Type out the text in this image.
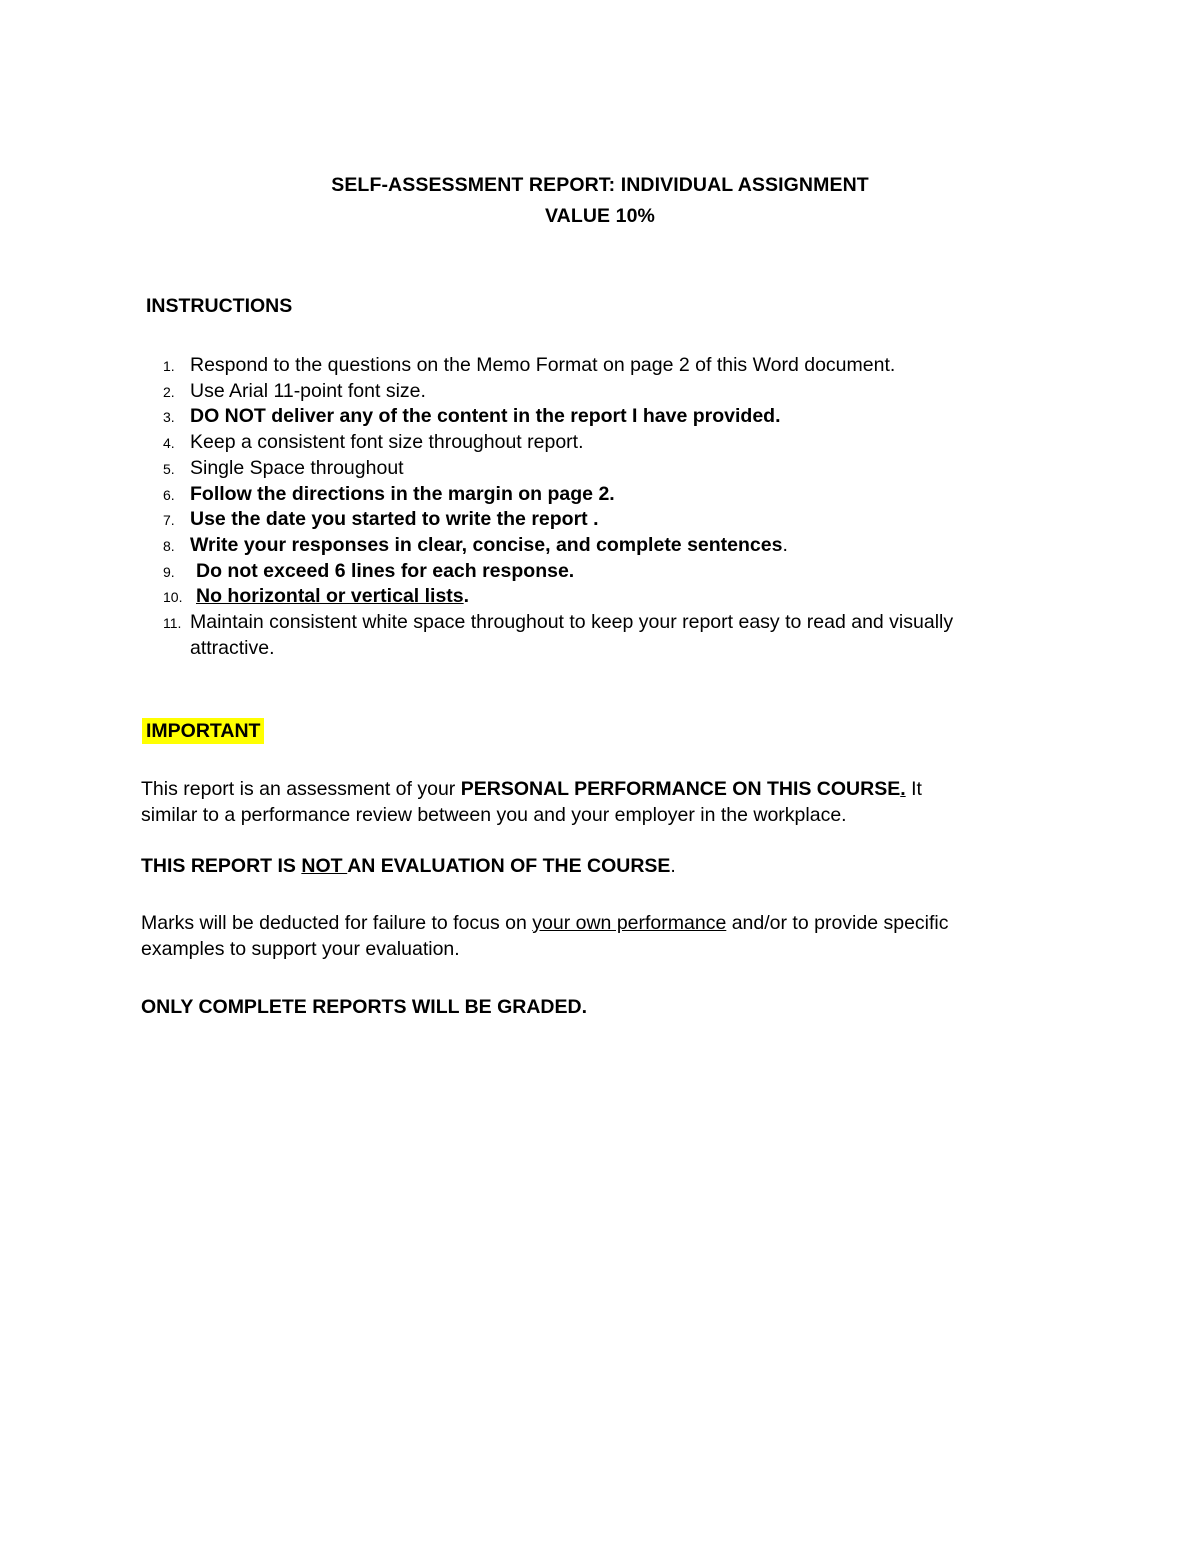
SELF-ASSESSMENT REPORT: INDIVIDUAL ASSIGNMENT
VALUE 10%
INSTRUCTIONS
1. Respond to the questions on the Memo Format on page 2 of this Word document.
2. Use Arial 11-point font size.
3. DO NOT deliver any of the content in the report I have provided.
4. Keep a consistent font size throughout report.
5. Single Space throughout
6. Follow the directions in the margin on page 2.
7. Use the date you started to write the report .
8. Write your responses in clear, concise, and complete sentences.
9.	Do not exceed 6 lines for each response.
10. No horizontal or vertical lists.
11. Maintain consistent white space throughout to keep your report easy to read and visually
attractive.
IMPORTANT
This report is an assessment of your PERSONAL PERFORMANCE ON THIS COURSE. It
similar to a performance review between you and your employer in the workplace.
THIS REPORT IS NOT AN EVALUATION OF THE COURSE.
Marks will be deducted for failure to focus on your own performance and/or to provide specific
examples to support your evaluation.
ONLY COMPLETE REPORTS WILL BE GRADED.
